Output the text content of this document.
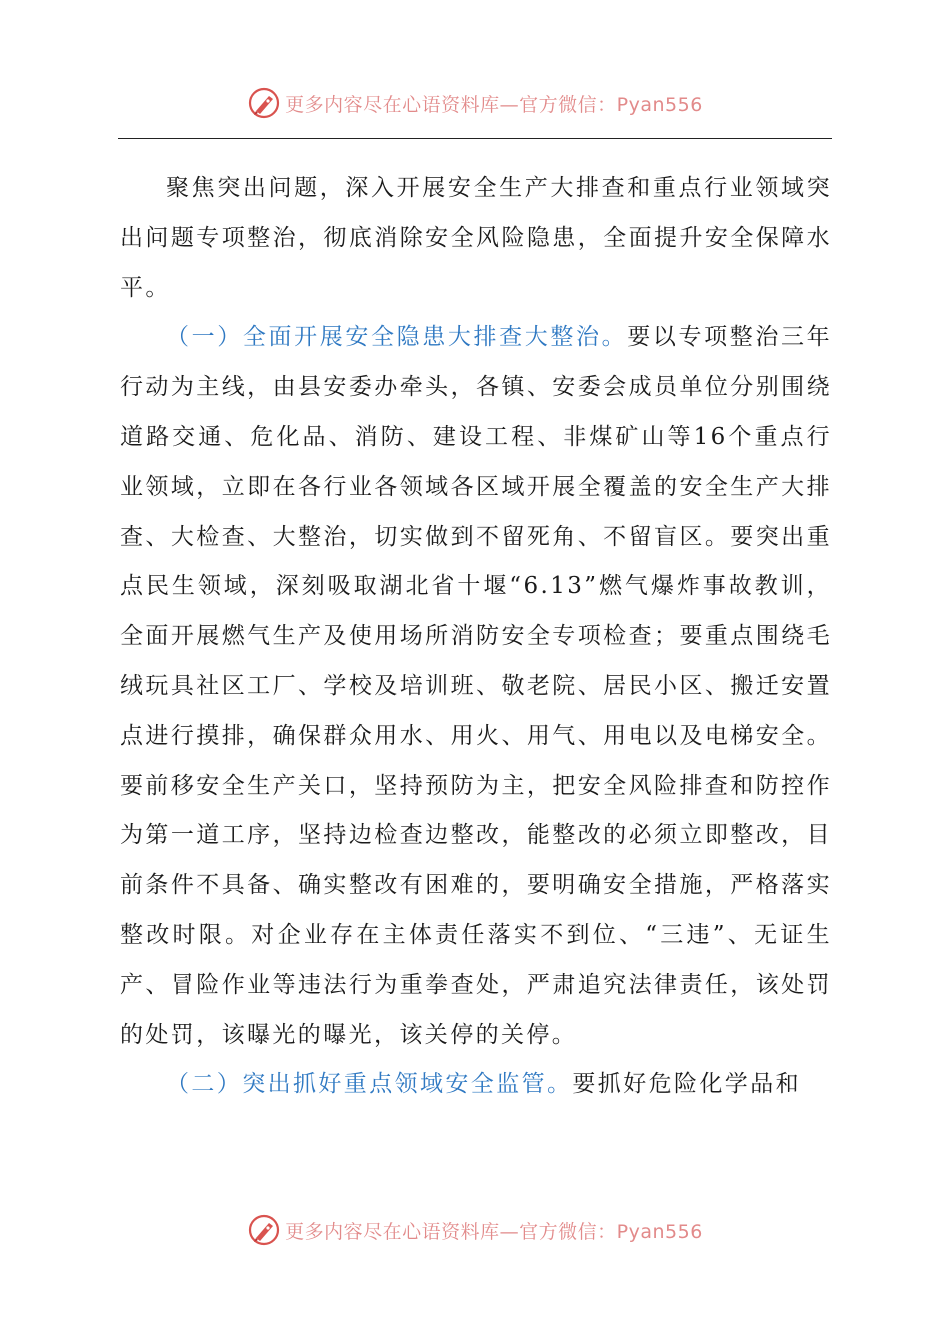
更多内容尽在心语资料库—官方微信：Pyan556

聚焦突出问题，深入开展安全生产大排查和重点行业领域突出问题专项整治，彻底消除安全风险隐患，全面提升安全保障水平。

（一）全面开展安全隐患大排查大整治。要以专项整治三年行动为主线，由县安委办牵头，各镇、安委会成员单位分别围绕道路交通、危化品、消防、建设工程、非煤矿山等16个重点行业领域，立即在各行业各领域各区域开展全覆盖的安全生产大排查、大检查、大整治，切实做到不留死角、不留盲区。要突出重点民生领域，深刻吸取湖北省十堰“6.13”燃气爆炸事故教训，全面开展燃气生产及使用场所消防安全专项检查；要重点围绕毛绒玩具社区工厂、学校及培训班、敬老院、居民小区、搬迁安置点进行摸排，确保群众用水、用火、用气、用电以及电梯安全。要前移安全生产关口，坚持预防为主，把安全风险排查和防控作为第一道工序，坚持边检查边整改，能整改的必须立即整改，目前条件不具备、确实整改有困难的，要明确安全措施，严格落实整改时限。对企业存在主体责任落实不到位、“三违”、无证生产、冒险作业等违法行为重拳查处，严肃追究法律责任，该处罚的处罚，该曝光的曝光，该关停的关停。

（二）突出抓好重点领域安全监管。要抓好危险化学品和

更多内容尽在心语资料库—官方微信：Pyan556
